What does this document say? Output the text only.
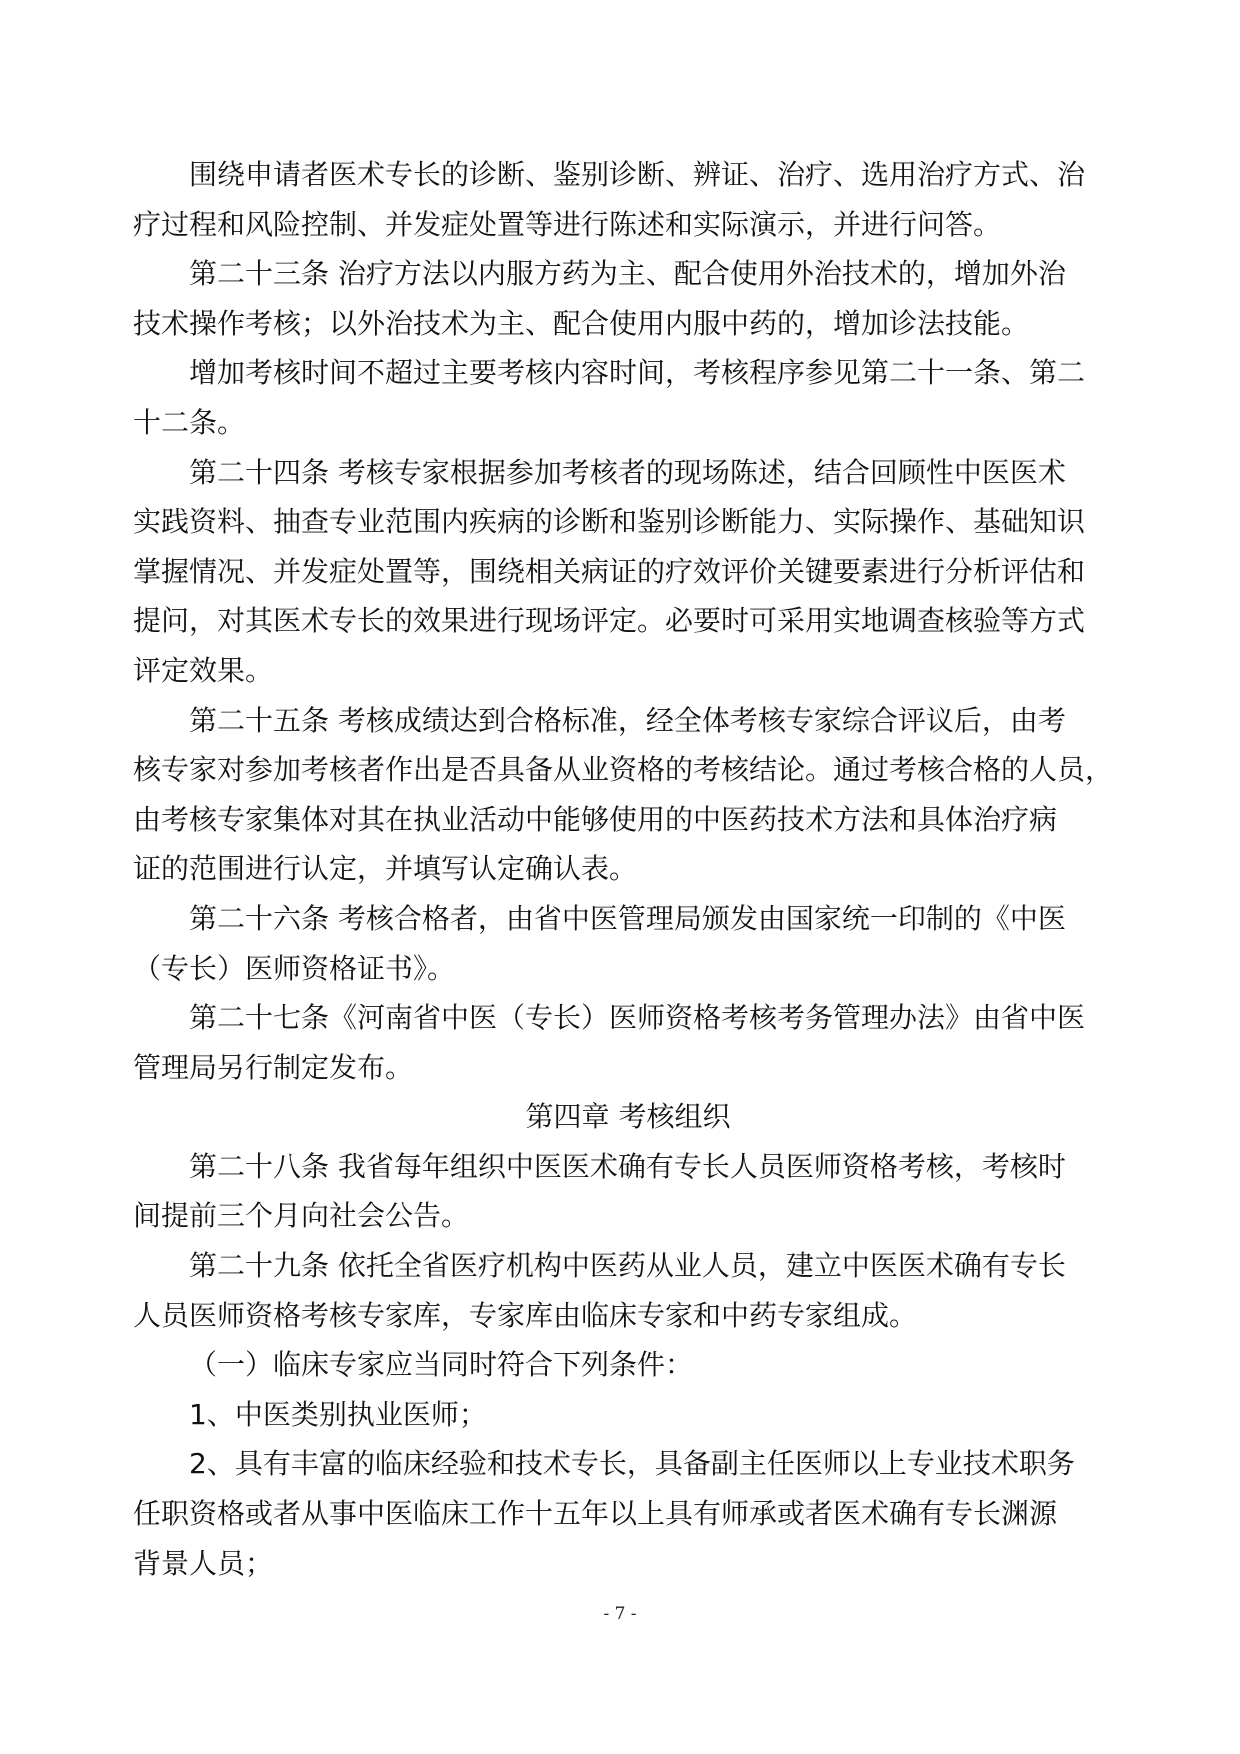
围绕申请者医术专长的诊断、鉴别诊断、辨证、治疗、选用治疗方式、治
疗过程和风险控制、并发症处置等进行陈述和实际演示，并进行问答。
第二十三条 治疗方法以内服方药为主、配合使用外治技术的，增加外治
技术操作考核；以外治技术为主、配合使用内服中药的，增加诊法技能。
增加考核时间不超过主要考核内容时间，考核程序参见第二十一条、第二
十二条。
第二十四条 考核专家根据参加考核者的现场陈述，结合回顾性中医医术
实践资料、抽查专业范围内疾病的诊断和鉴别诊断能力、实际操作、基础知识
掌握情况、并发症处置等，围绕相关病证的疗效评价关键要素进行分析评估和
提问，对其医术专长的效果进行现场评定。必要时可采用实地调查核验等方式
评定效果。
第二十五条 考核成绩达到合格标准，经全体考核专家综合评议后，由考
核专家对参加考核者作出是否具备从业资格的考核结论。通过考核合格的人员，
由考核专家集体对其在执业活动中能够使用的中医药技术方法和具体治疗病
证的范围进行认定，并填写认定确认表。
第二十六条 考核合格者，由省中医管理局颁发由国家统一印制的《中医
（专长）医师资格证书》。
第二十七条《河南省中医（专长）医师资格考核考务管理办法》由省中医
管理局另行制定发布。
第四章 考核组织
第二十八条 我省每年组织中医医术确有专长人员医师资格考核，考核时
间提前三个月向社会公告。
第二十九条 依托全省医疗机构中医药从业人员，建立中医医术确有专长
人员医师资格考核专家库，专家库由临床专家和中药专家组成。
（一）临床专家应当同时符合下列条件：
1、中医类别执业医师；
2、具有丰富的临床经验和技术专长，具备副主任医师以上专业技术职务
任职资格或者从事中医临床工作十五年以上具有师承或者医术确有专长渊源
背景人员；
- 7 -
